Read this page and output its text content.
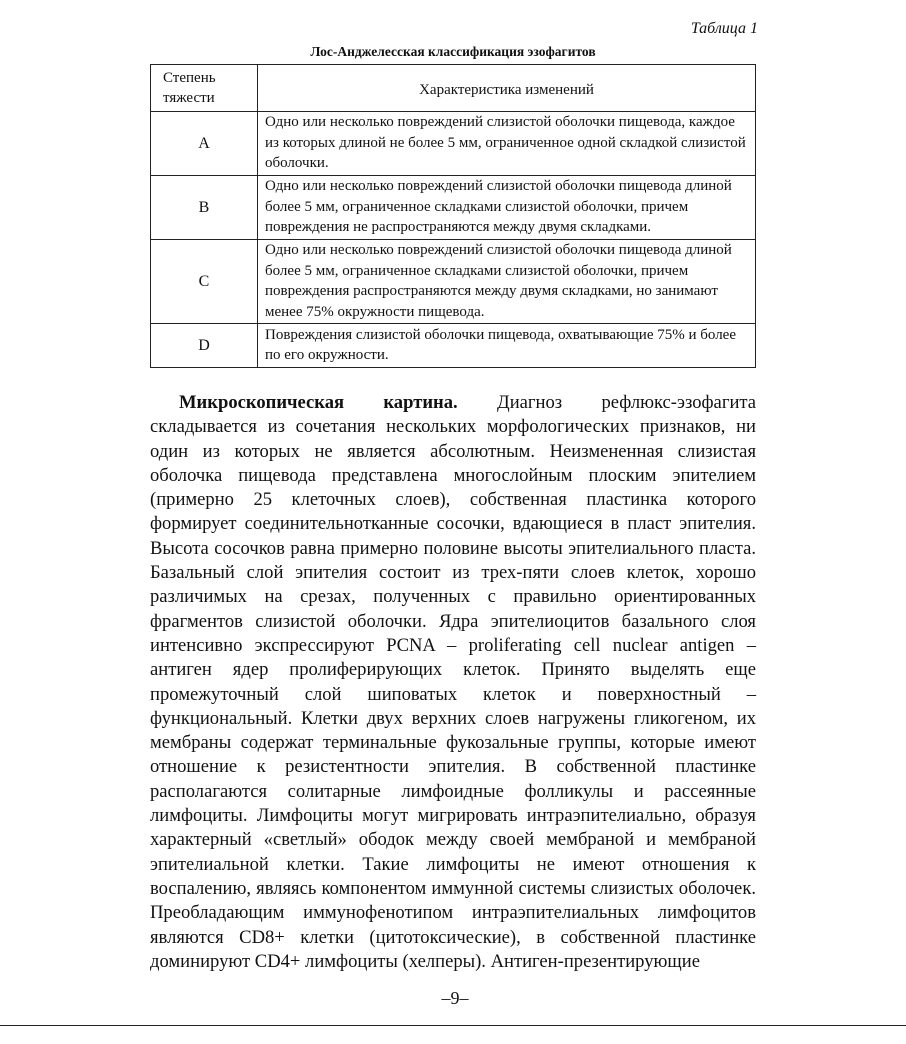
Таблица 1
Лос-Анджелесская классификация эзофагитов
Степень тяжести	Характеристика изменений
A	Одно или несколько повреждений слизистой оболочки пищевода, каждое из которых длиной не более 5 мм, ограниченное одной складкой слизистой оболочки.
B	Одно или несколько повреждений слизистой оболочки пищевода длиной более 5 мм, ограниченное складками слизистой оболочки, причем повреждения не распространяются между двумя складками.
C	Одно или несколько повреждений слизистой оболочки пищевода длиной более 5 мм, ограниченное складками слизистой оболочки, причем повреждения распространяются между двумя складками, но занимают менее 75% окружности пищевода.
D	Повреждения слизистой оболочки пищевода, охватывающие 75% и более по его окружности.

Микроскопическая картина. Диагноз рефлюкс-эзофагита складывается из сочетания нескольких морфологических признаков, ни один из которых не является абсолютным. Неизмененная слизистая оболочка пищевода представлена многослойным плоским эпителием (примерно 25 клеточных слоев), собственная пластинка которого формирует соединительнотканные сосочки, вдающиеся в пласт эпителия. Высота сосочков равна примерно половине высоты эпителиального пласта. Базальный слой эпителия состоит из трех-пяти слоев клеток, хорошо различимых на срезах, полученных с правильно ориентированных фрагментов слизистой оболочки. Ядра эпителиоцитов базального слоя интенсивно экспрессируют PCNA – proliferating cell nuclear antigen – антиген ядер пролиферирующих клеток. Принято выделять еще промежуточный слой шиповатых клеток и поверхностный – функциональный. Клетки двух верхних слоев нагружены гликогеном, их мембраны содержат терминальные фукозальные группы, которые имеют отношение к резистентности эпителия. В собственной пластинке располагаются солитарные лимфоидные фолликулы и рассеянные лимфоциты. Лимфоциты могут мигрировать интраэпителиально, образуя характерный «светлый» ободок между своей мембраной и мембраной эпителиальной клетки. Такие лимфоциты не имеют отношения к воспалению, являясь компонентом иммунной системы слизистых оболочек. Преобладающим иммунофенотипом интраэпителиальных лимфоцитов являются CD8+ клетки (цитотоксические), в собственной пластинке доминируют CD4+ лимфоциты (хелперы). Антиген-презентирующие

–9–
